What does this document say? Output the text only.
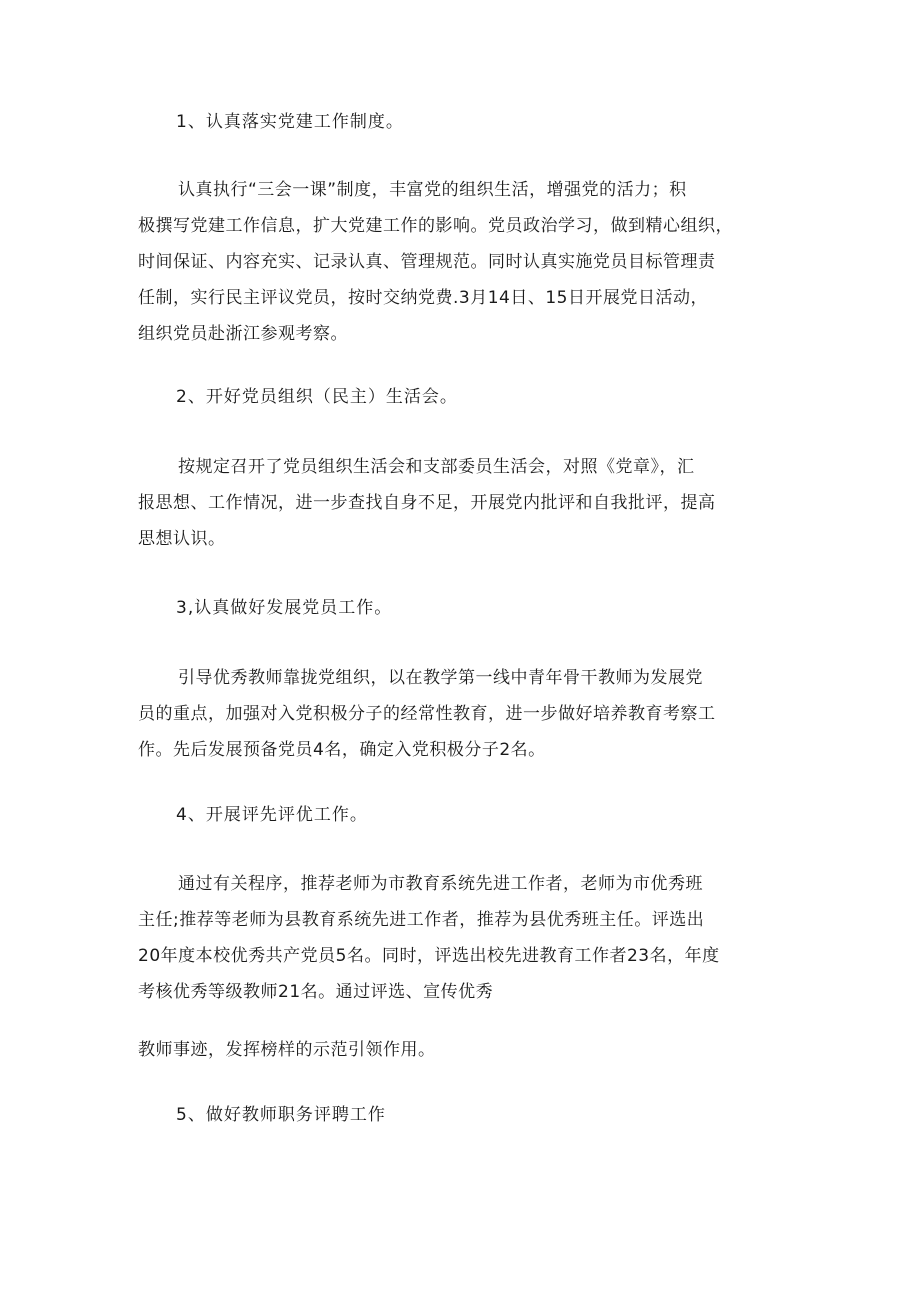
1、认真落实党建工作制度。
认真执行“三会一课”制度，丰富党的组织生活，增强党的活力；积
极撰写党建工作信息，扩大党建工作的影响。党员政治学习，做到精心组织，
时间保证、内容充实、记录认真、管理规范。同时认真实施党员目标管理责
任制，实行民主评议党员，按时交纳党费.3月14日、15日开展党日活动，
组织党员赴浙江参观考察。
2、开好党员组织（民主）生活会。
按规定召开了党员组织生活会和支部委员生活会，对照《党章》，汇
报思想、工作情况，进一步查找自身不足，开展党内批评和自我批评，提高
思想认识。
3,认真做好发展党员工作。
引导优秀教师靠拢党组织，以在教学第一线中青年骨干教师为发展党
员的重点，加强对入党积极分子的经常性教育，进一步做好培养教育考察工
作。先后发展预备党员4名，确定入党积极分子2名。
4、开展评先评优工作。
通过有关程序，推荐老师为市教育系统先进工作者，老师为市优秀班
主任;推荐等老师为县教育系统先进工作者，推荐为县优秀班主任。评选出
20年度本校优秀共产党员5名。同时，评选出校先进教育工作者23名，年度
考核优秀等级教师21名。通过评选、宣传优秀
教师事迹，发挥榜样的示范引领作用。
5、做好教师职务评聘工作
